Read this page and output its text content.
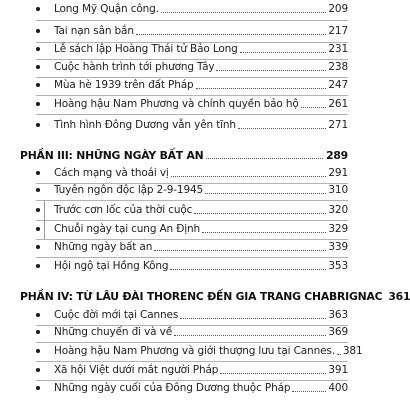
Long Mỹ Quận công.	209
Tai nạn sân bắn	217
Lễ sách lập Hoàng Thái tử Bảo Long	231
Cuộc hành trình tới phương Tây	238
Mùa hè 1939 trên đất Pháp	247
Hoàng hậu Nam Phương và chính quyền bảo hộ	261
Tình hình Đông Dương vẫn yên tĩnh	271
PHẦN III: NHỮNG NGÀY BẤT AN	289
Cách mạng và thoái vị	291
Tuyên ngôn độc lập 2-9-1945	310
Trước cơn lốc của thời cuộc	320
Chuỗi ngày tại cung An Định	329
Những ngày bất an	339
Hội ngộ tại Hồng Kông	353
PHẦN IV: TỪ LÂU ĐÀI THORENC ĐẾN GIA TRANG CHABRIGNAC 361
Cuộc đời mới tại Cannes	363
Những chuyến đi và về	369
Hoàng hậu Nam Phương và giới thượng lưu tại Cannes. 381
Xã hội Việt dưới mắt người Pháp	391
Những ngày cuối của Đông Dương thuộc Pháp	400
